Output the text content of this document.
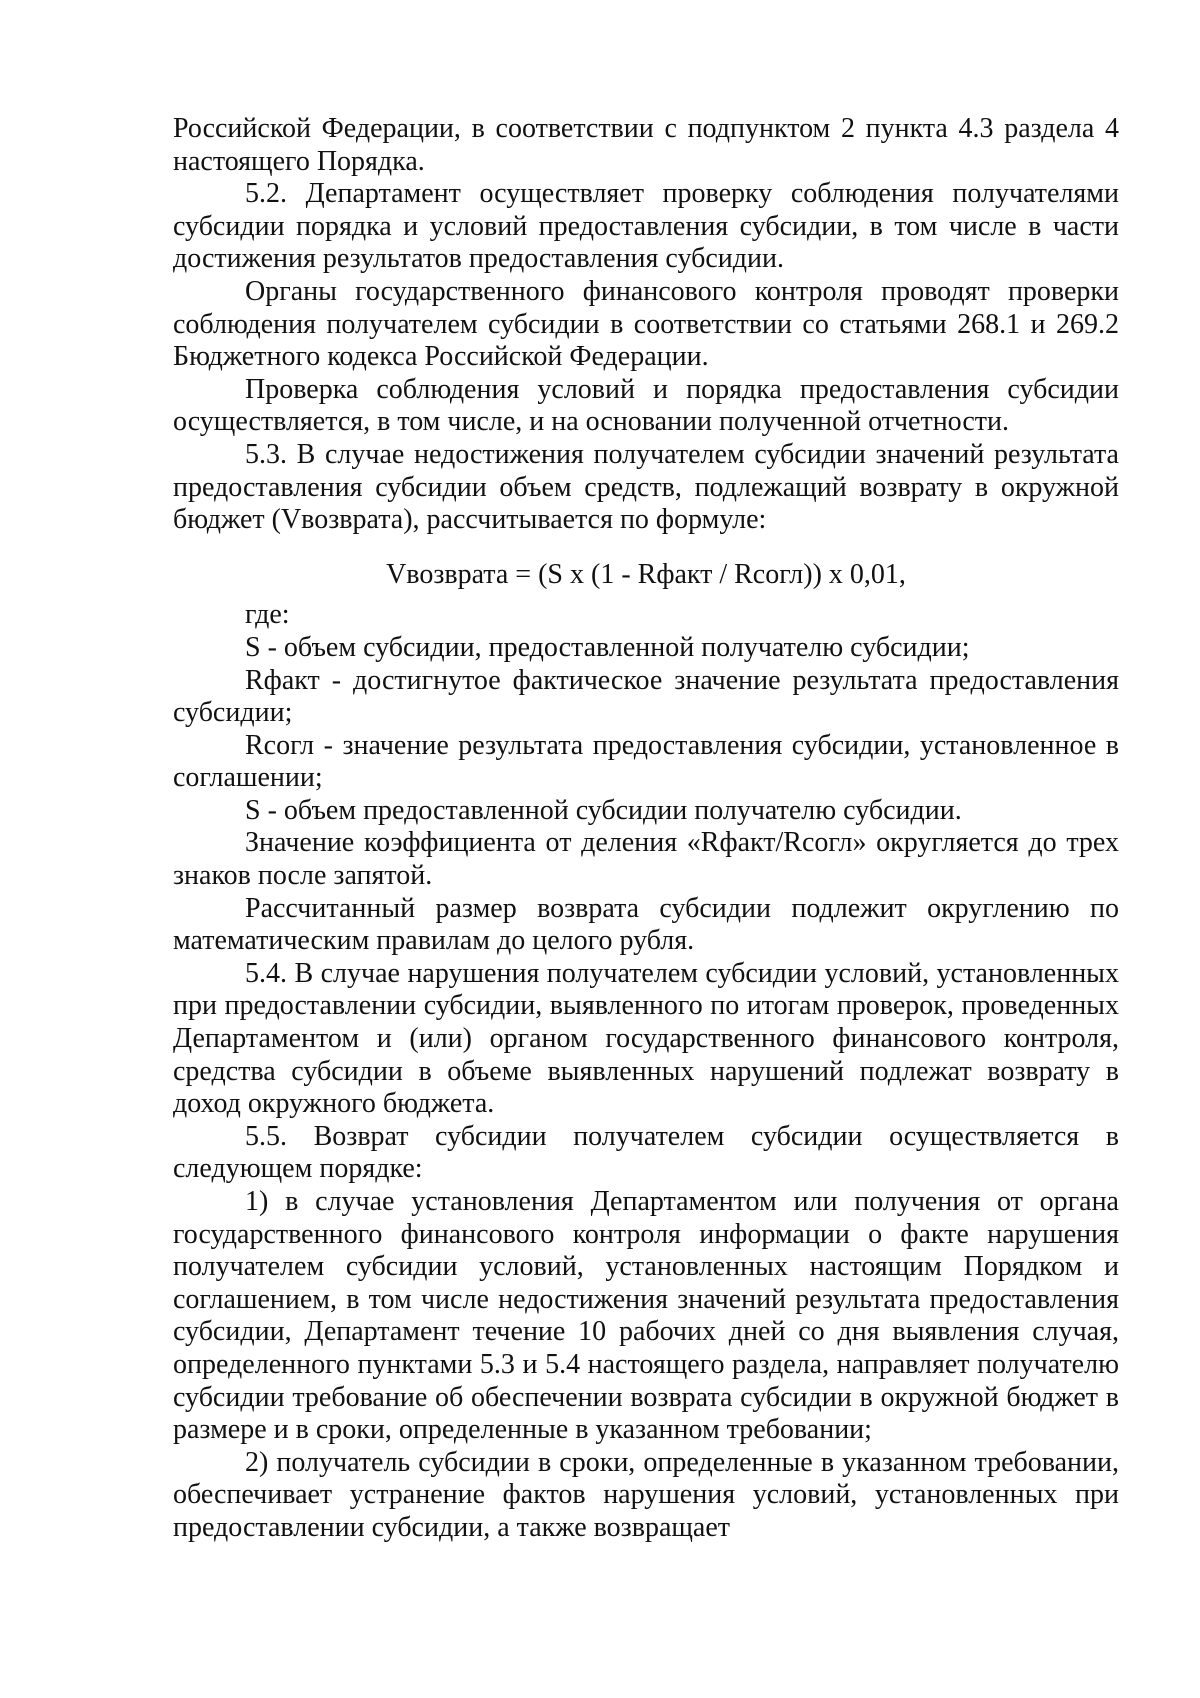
Российской Федерации, в соответствии с подпунктом 2 пункта 4.3 раздела 4 настоящего Порядка.

5.2. Департамент осуществляет проверку соблюдения получателями субсидии порядка и условий предоставления субсидии, в том числе в части достижения результатов предоставления субсидии.

Органы государственного финансового контроля проводят проверки соблюдения получателем субсидии в соответствии со статьями 268.1 и 269.2 Бюджетного кодекса Российской Федерации.

Проверка соблюдения условий и порядка предоставления субсидии осуществляется, в том числе, и на основании полученной отчетности.

5.3. В случае недостижения получателем субсидии значений результата предоставления субсидии объем средств, подлежащий возврату в окружной бюджет (Vвозврата), рассчитывается по формуле:

Vвозврата = (S x (1 - Rфакт / Rсогл)) x 0,01,

где:

S - объем субсидии, предоставленной получателю субсидии;

Rфакт - достигнутое фактическое значение результата предоставления субсидии;

Rсогл - значение результата предоставления субсидии, установленное в соглашении;

S - объем предоставленной субсидии получателю субсидии.

Значение коэффициента от деления «Rфакт/Rсогл» округляется до трех знаков после запятой.

Рассчитанный размер возврата субсидии подлежит округлению по математическим правилам до целого рубля.

5.4. В случае нарушения получателем субсидии условий, установленных при предоставлении субсидии, выявленного по итогам проверок, проведенных Департаментом и (или) органом государственного финансового контроля, средства субсидии в объеме выявленных нарушений подлежат возврату в доход окружного бюджета.

5.5. Возврат субсидии получателем субсидии осуществляется в следующем порядке:

1) в случае установления Департаментом или получения от органа государственного финансового контроля информации о факте нарушения получателем субсидии условий, установленных настоящим Порядком и соглашением, в том числе недостижения значений результата предоставления субсидии, Департамент течение 10 рабочих дней со дня выявления случая, определенного пунктами 5.3 и 5.4 настоящего раздела, направляет получателю субсидии требование об обеспечении возврата субсидии в окружной бюджет в размере и в сроки, определенные в указанном требовании;

2) получатель субсидии в сроки, определенные в указанном требовании, обеспечивает устранение фактов нарушения условий, установленных при предоставлении субсидии, а также возвращает
